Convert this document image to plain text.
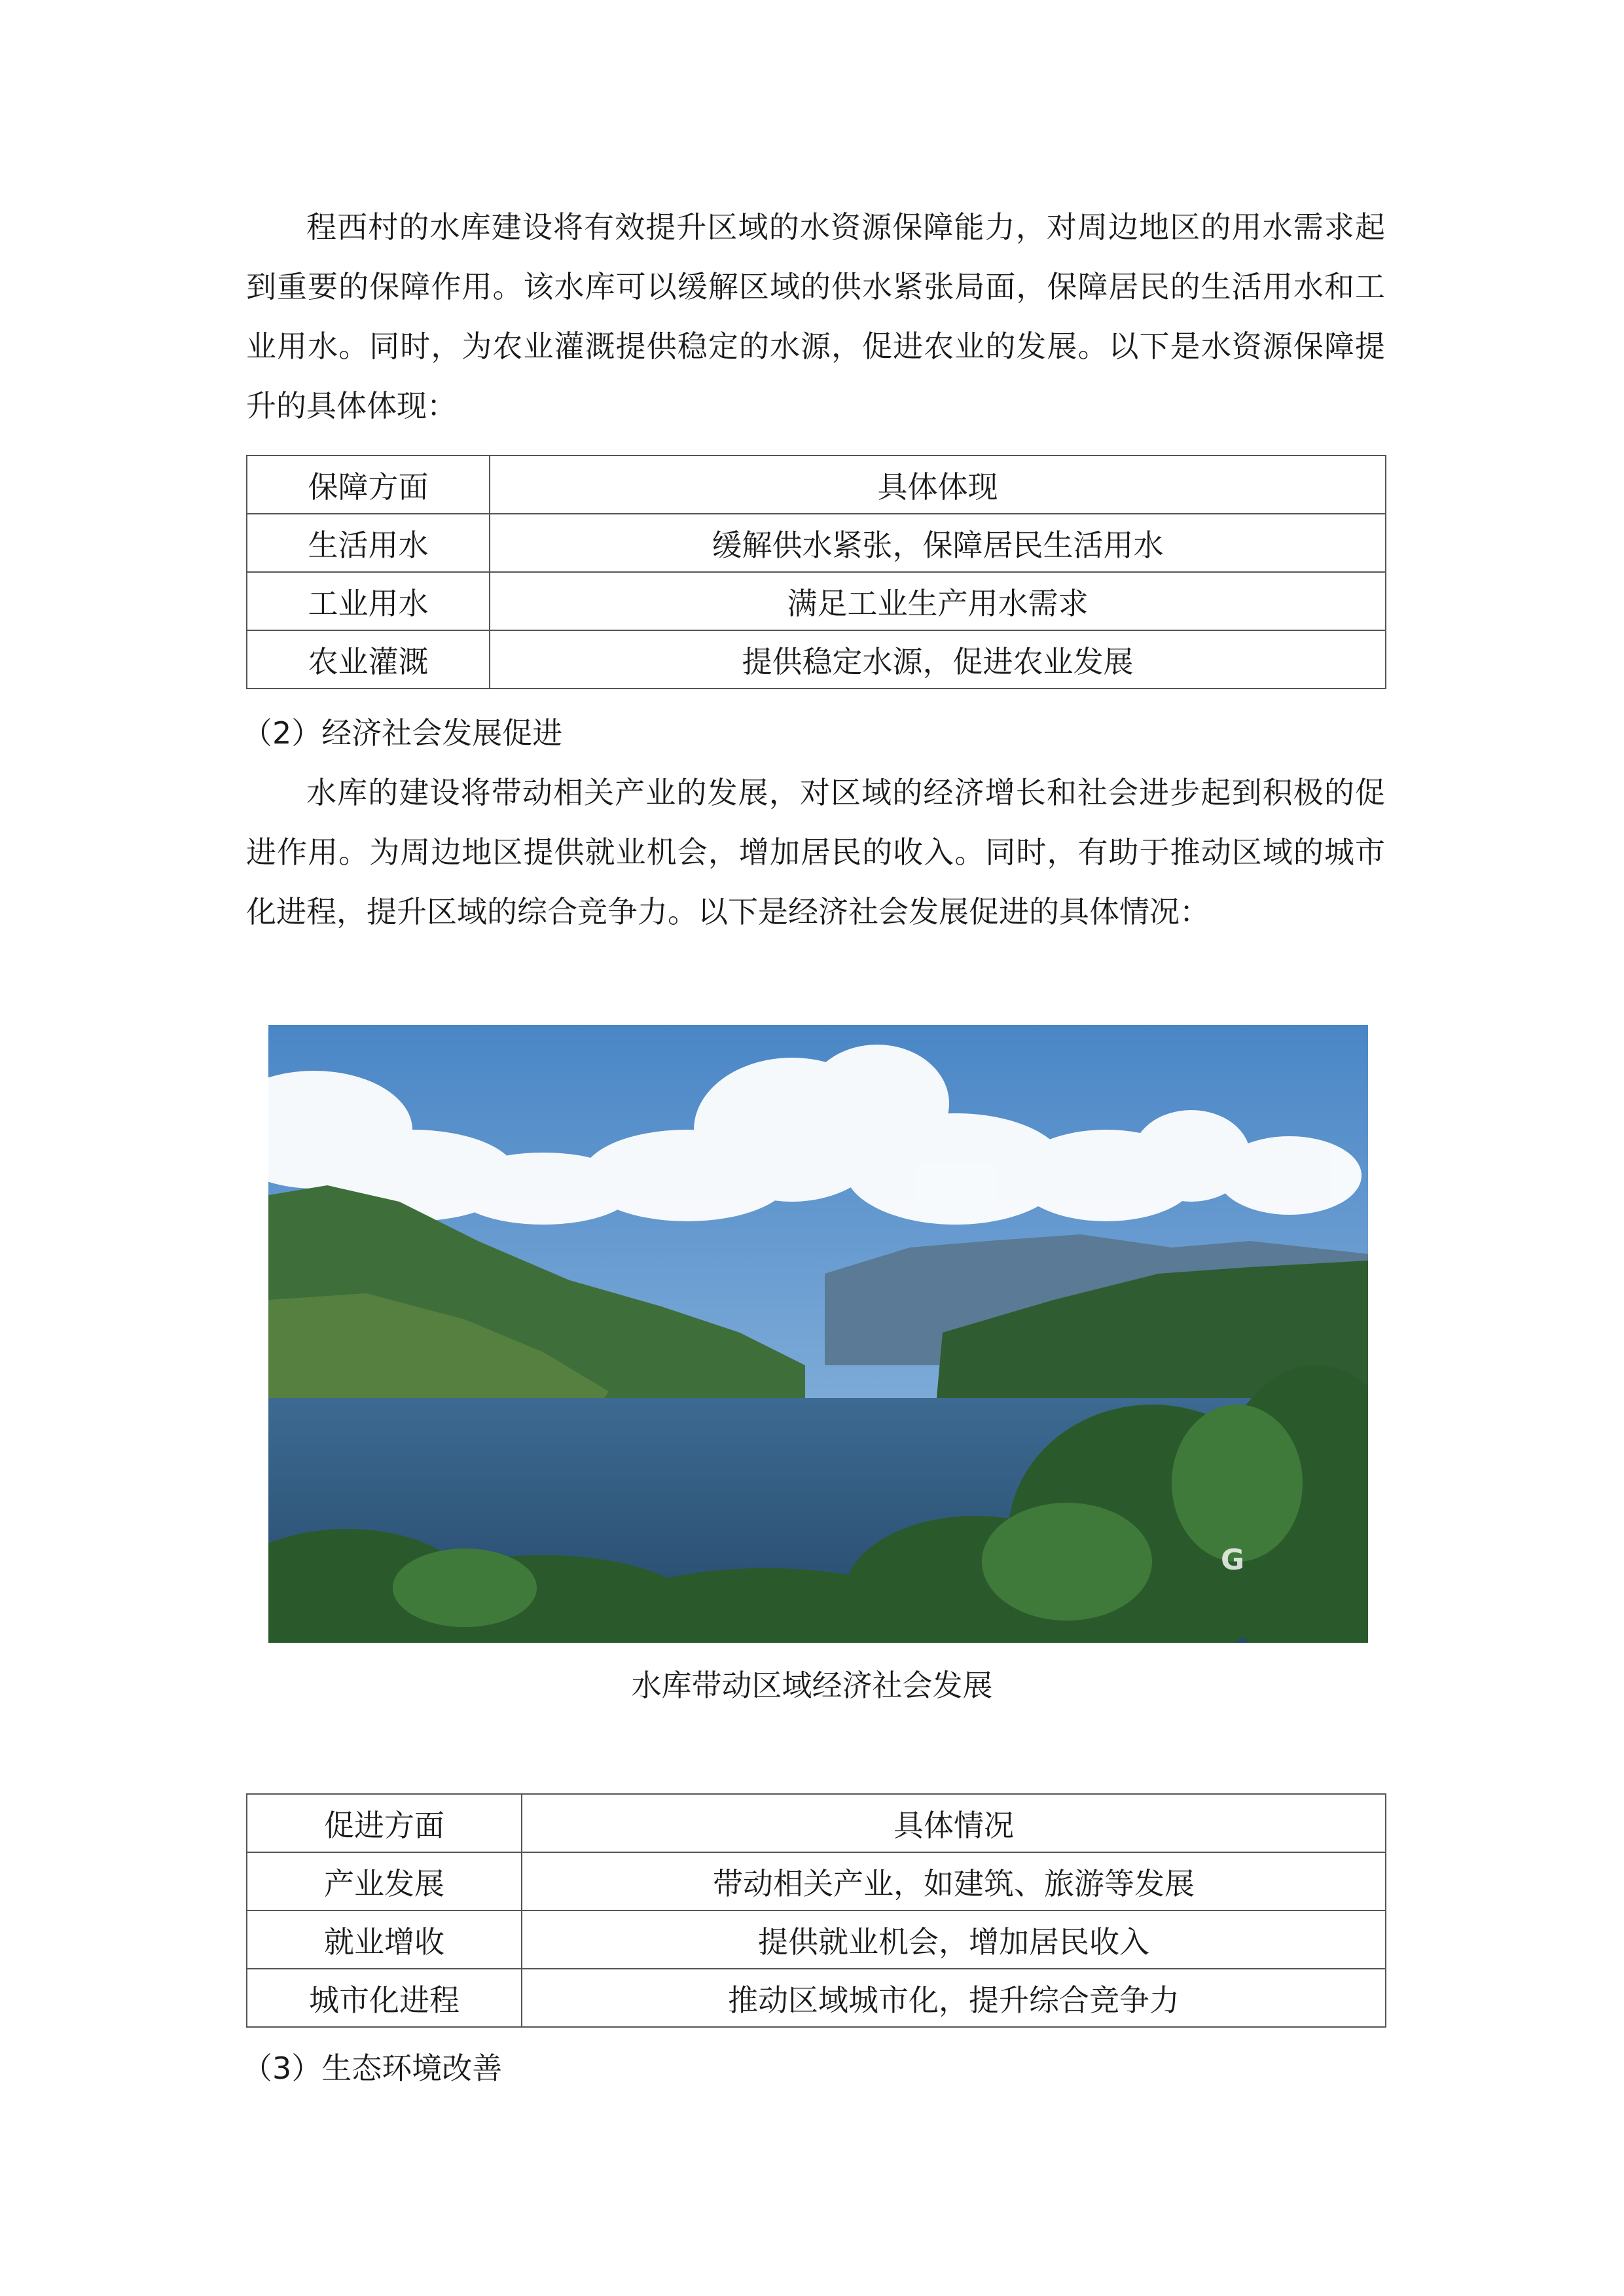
程西村的水库建设将有效提升区域的水资源保障能力，对周边地区的用水需求起到重要的保障作用。该水库可以缓解区域的供水紧张局面，保障居民的生活用水和工业用水。同时，为农业灌溉提供稳定的水源，促进农业的发展。以下是水资源保障提升的具体体现：

保障方面	具体体现
生活用水	缓解供水紧张，保障居民生活用水
工业用水	满足工业生产用水需求
农业灌溉	提供稳定水源，促进农业发展

（2）经济社会发展促进

水库的建设将带动相关产业的发展，对区域的经济增长和社会进步起到积极的促进作用。为周边地区提供就业机会，增加居民的收入。同时，有助于推动区域的城市化进程，提升区域的综合竞争力。以下是经济社会发展促进的具体情况：

G
水库带动区域经济社会发展
促进方面	具体情况
产业发展	带动相关产业，如建筑、旅游等发展
就业增收	提供就业机会，增加居民收入
城市化进程	推动区域城市化，提升综合竞争力

（3）生态环境改善
